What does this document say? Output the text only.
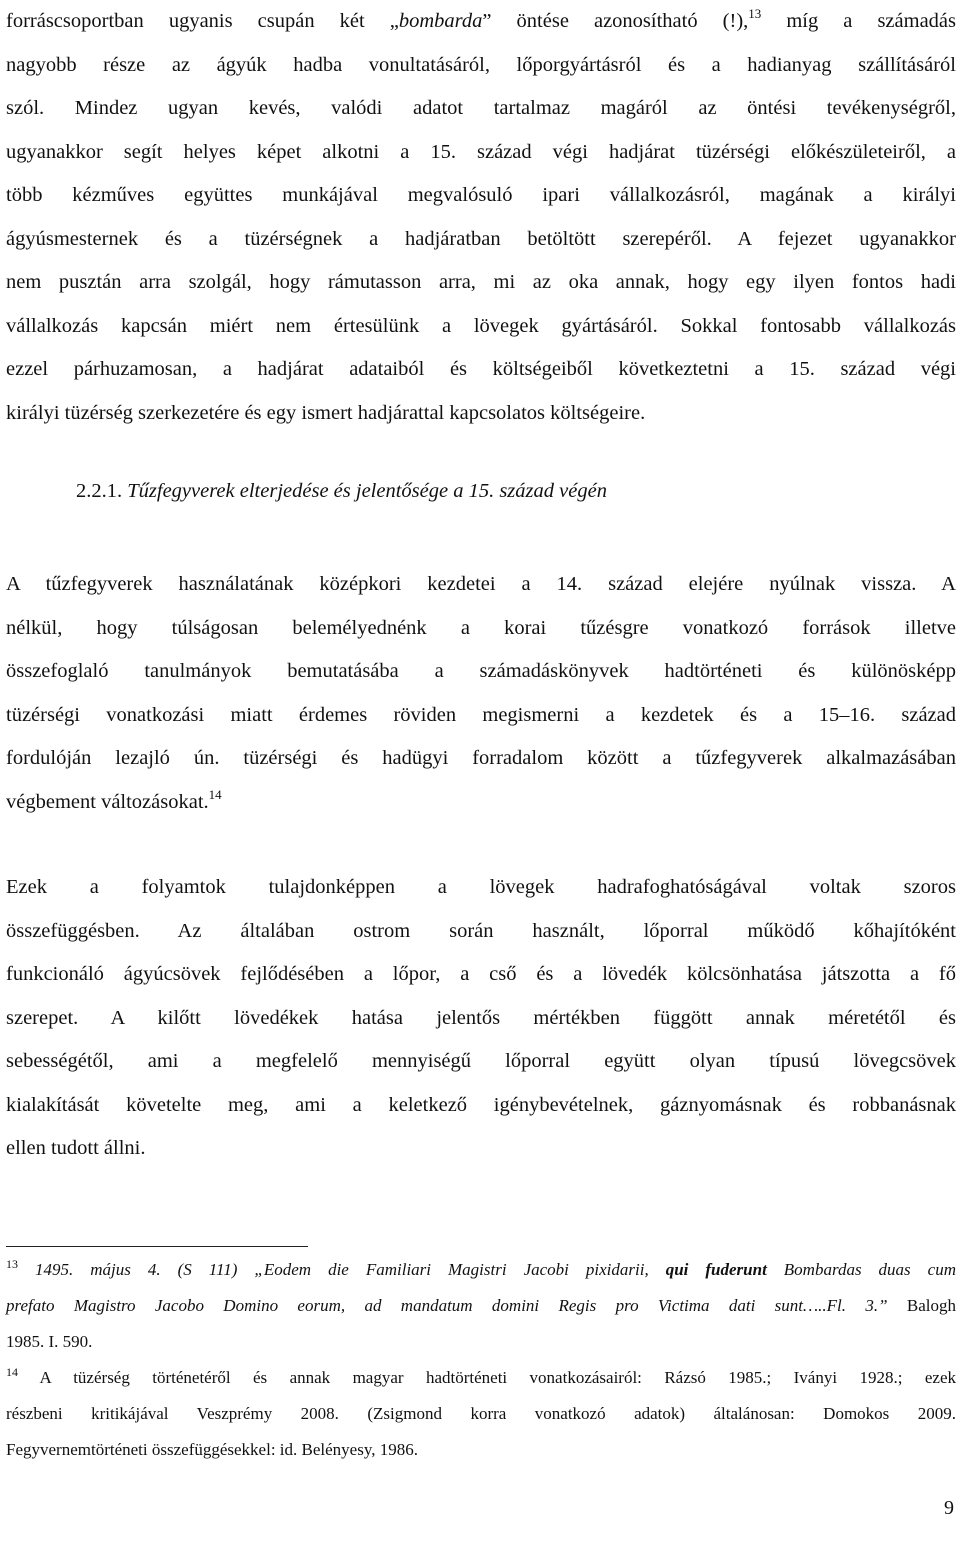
forráscsoportban ugyanis csupán két „bombarda” öntése azonosítható (!),$^{13}$ míg a számadás
nagyobb része az ágyúk hadba vonultatásáról, lőporgyártásról és a hadianyag szállításáról
szól. Mindez ugyan kevés, valódi adatot tartalmaz magáról az öntési tevékenységről,
ugyanakkor segít helyes képet alkotni a 15. század végi hadjárat tüzérségi előkészületeiről, a
több kézműves együttes munkájával megvalósuló ipari vállalkozásról, magának a királyi
ágyúsmesternek és a tüzérségnek a hadjáratban betöltött szerepéről. A fejezet ugyanakkor
nem pusztán arra szolgál, hogy rámutasson arra, mi az oka annak, hogy egy ilyen fontos hadi
vállalkozás kapcsán miért nem értesülünk a lövegek gyártásáról. Sokkal fontosabb vállalkozás
ezzel párhuzamosan, a hadjárat adataiból és költségeiből következtetni a 15. század végi
királyi tüzérség szerkezetére és egy ismert hadjárattal kapcsolatos költségeire.
2.2.1. Tűzfegyverek elterjedése és jelentősége a 15. század végén
A tűzfegyverek használatának középkori kezdetei a 14. század elejére nyúlnak vissza. A
nélkül, hogy túlságosan belemélyednénk a korai tűzésgre vonatkozó források illetve
összefoglaló tanulmányok bemutatásába a számadáskönyvek hadtörténeti és különösképp
tüzérségi vonatkozási miatt érdemes röviden megismerni a kezdetek és a 15–16. század
fordulóján lezajló ún. tüzérségi és hadügyi forradalom között a tűzfegyverek alkalmazásában
végbement változásokat.$^{14}$
Ezek a folyamtok tulajdonképpen a lövegek hadrafoghatóságával voltak szoros
összefüggésben. Az általában ostrom során használt, lőporral működő kőhajítóként
funkcionáló ágyúcsövek fejlődésében a lőpor, a cső és a lövedék kölcsönhatása játszotta a fő
szerepet. A kilőtt lövedékek hatása jelentős mértékben függött annak méretétől és
sebességétől, ami a megfelelő mennyiségű lőporral együtt olyan típusú lövegcsövek
kialakítását követelte meg, ami a keletkező igénybevételnek, gáznyomásnak és robbanásnak
ellen tudott állni.
$^{13}$ 1495. május 4. (S 111) „Eodem die Familiari Magistri Jacobi pixidarii, qui fuderunt Bombardas duas cum
prefato Magistro Jacobo Domino eorum, ad mandatum domini Regis pro Victima dati sunt…..Fl. 3.” Balogh
1985. I. 590.
$^{14}$ A tüzérség történetéről és annak magyar hadtörténeti vonatkozásairól: Rázsó 1985.; Iványi 1928.; ezek
részbeni kritikájával Veszprémy 2008. (Zsigmond korra vonatkozó adatok) általánosan: Domokos 2009.
Fegyvernemtörténeti összefüggésekkel: id. Belényesy, 1986.
9
